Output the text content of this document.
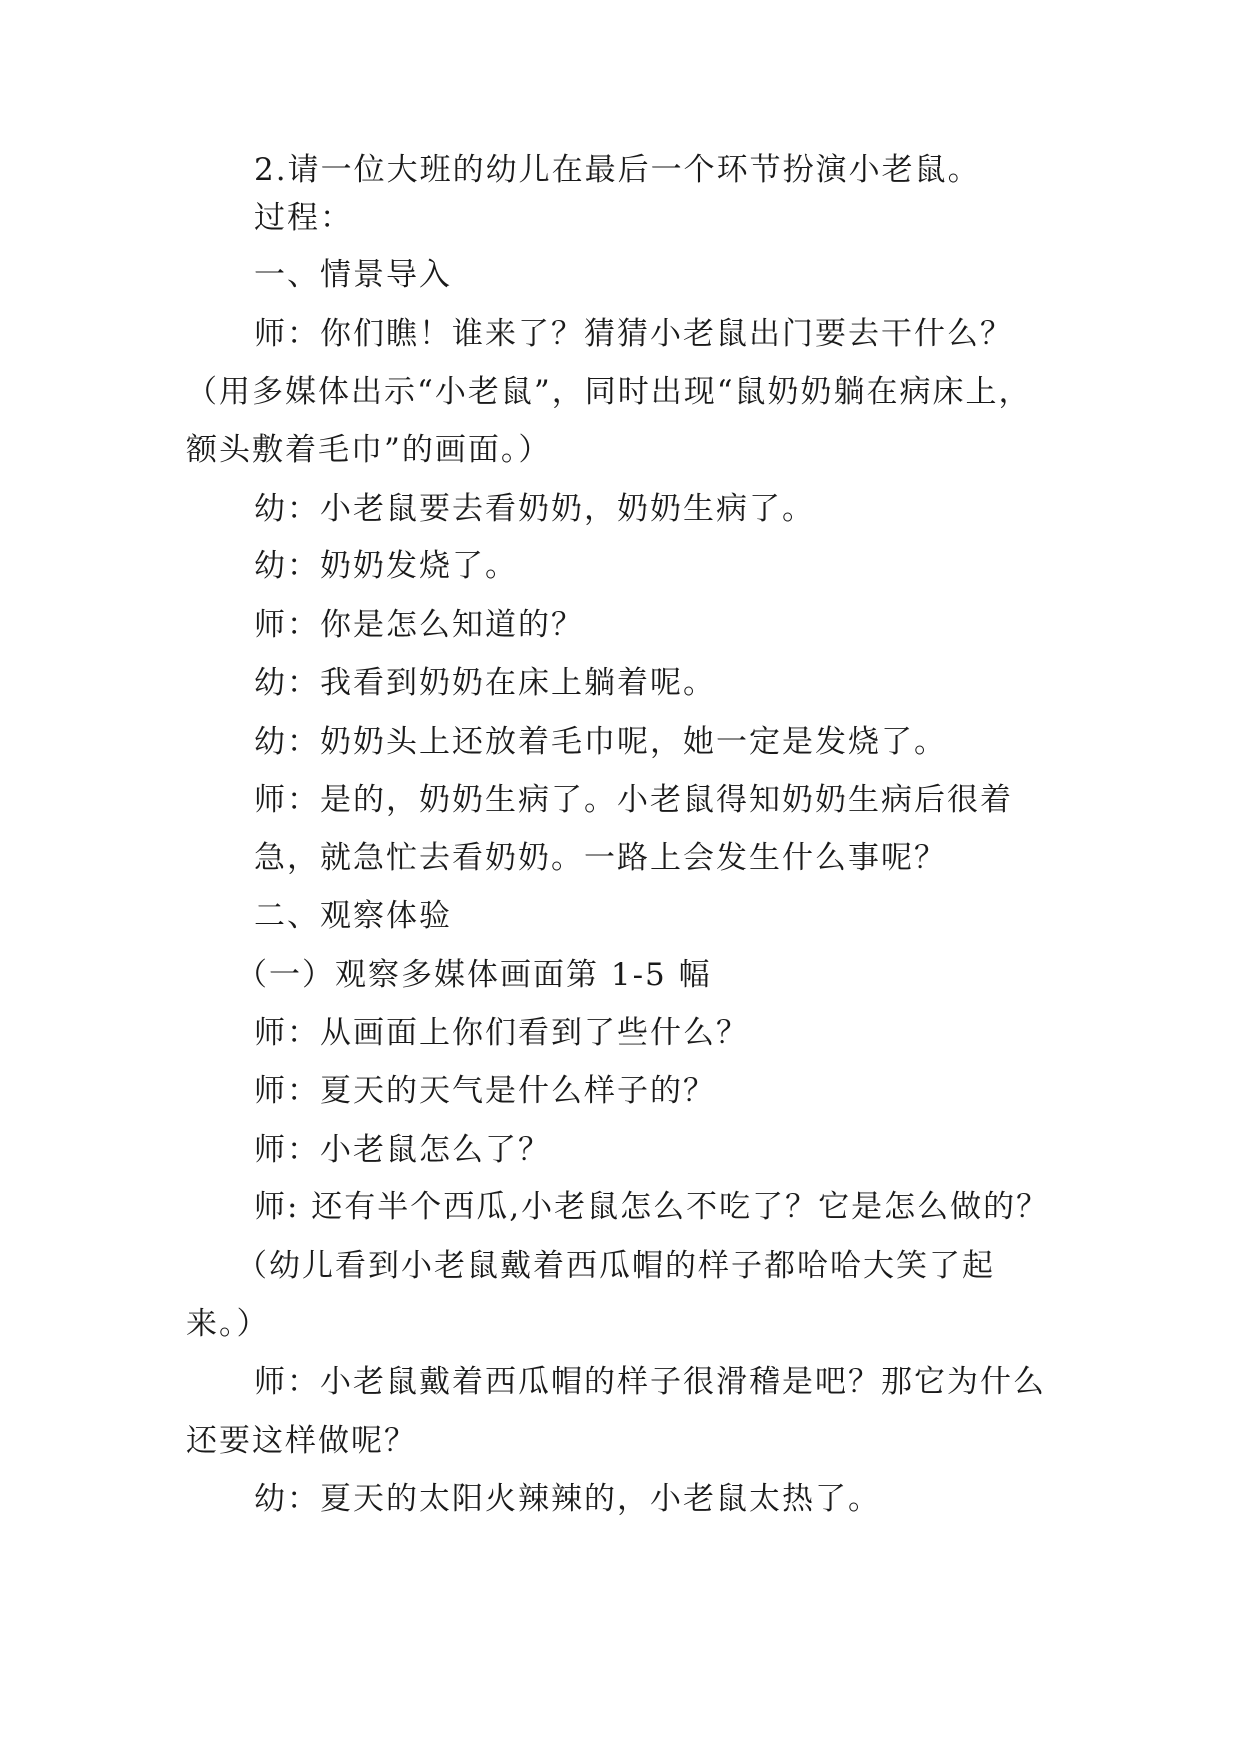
2.请一位大班的幼儿在最后一个环节扮演小老鼠。
过程：
一、情景导入
师：你们瞧！谁来了？猜猜小老鼠出门要去干什么？
（用多媒体出示“小老鼠”，同时出现“鼠奶奶躺在病床上，
额头敷着毛巾”的画面。）
幼：小老鼠要去看奶奶，奶奶生病了。
幼：奶奶发烧了。
师：你是怎么知道的？
幼：我看到奶奶在床上躺着呢。
幼：奶奶头上还放着毛巾呢，她一定是发烧了。
师：是的，奶奶生病了。小老鼠得知奶奶生病后很着
急，就急忙去看奶奶。一路上会发生什么事呢？
二、观察体验
（一）观察多媒体画面第 1-5 幅
师：从画面上你们看到了些什么？
师：夏天的天气是什么样子的？
师：小老鼠怎么了？
师: 还有半个西瓜,小老鼠怎么不吃了？它是怎么做的？
（幼儿看到小老鼠戴着西瓜帽的样子都哈哈大笑了起
来。）
师：小老鼠戴着西瓜帽的样子很滑稽是吧？那它为什么
还要这样做呢？
幼：夏天的太阳火辣辣的，小老鼠太热了。
